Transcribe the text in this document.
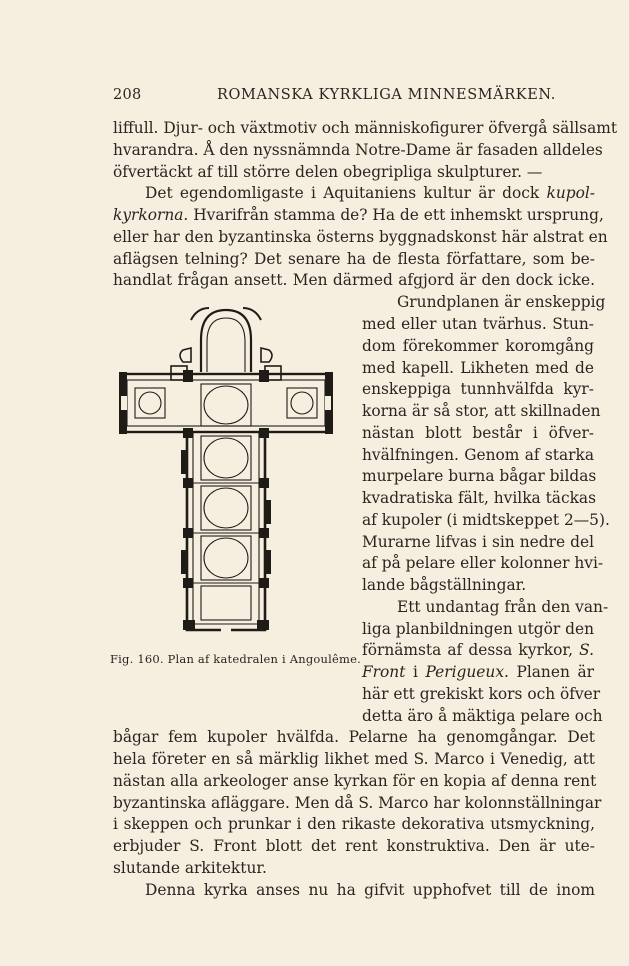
208	ROMANSKA KYRKLIGA MINNESMÄRKEN.
liffull. Djur- och växtmotiv och människofigurer öfvergå sällsamt
hvarandra. Å den nyssnämnda Notre-Dame är fasaden alldeles
öfvertäckt af till större delen obegripliga skulpturer. —
Det egendomligaste i Aquitaniens kultur är dock kupol-
kyrkorna. Hvarifrån stamma de? Ha de ett inhemskt ursprung,
eller har den byzantinska österns byggnadskonst här alstrat en
aflägsen telning? Det senare ha de flesta författare, som be-
handlat frågan ansett. Men därmed afgjord är den dock icke.
Grundplanen är enskeppig
med eller utan tvärhus. Stun-
dom förekommer koromgång
med kapell. Likheten med de
enskeppiga tunnhvälfda kyr-
korna är så stor, att skillnaden
nästan blott består i öfver-
hvälfningen. Genom af starka
murpelare burna bågar bildas
kvadratiska fält, hvilka täckas
af kupoler (i midtskeppet 2—5).
Murarne lifvas i sin nedre del
af på pelare eller kolonner hvi-
lande bågställningar.
Ett undantag från den van-
liga planbildningen utgör den
förnämsta af dessa kyrkor, S.
Front i Perigueux. Planen är
här ett grekiskt kors och öfver
detta äro å mäktiga pelare och
bågar fem kupoler hvälfda. Pelarne ha genomgångar. Det
hela företer en så märklig likhet med S. Marco i Venedig, att
nästan alla arkeologer anse kyrkan för en kopia af denna rent
byzantinska afläggare. Men då S. Marco har kolonnställningar
i skeppen och prunkar i den rikaste dekorativa utsmyckning,
erbjuder S. Front blott det rent konstruktiva. Den är ute-
slutande arkitektur.
Denna kyrka anses nu ha gifvit upphofvet till de inom
Fig. 160. Plan af katedralen i Angoulême.
